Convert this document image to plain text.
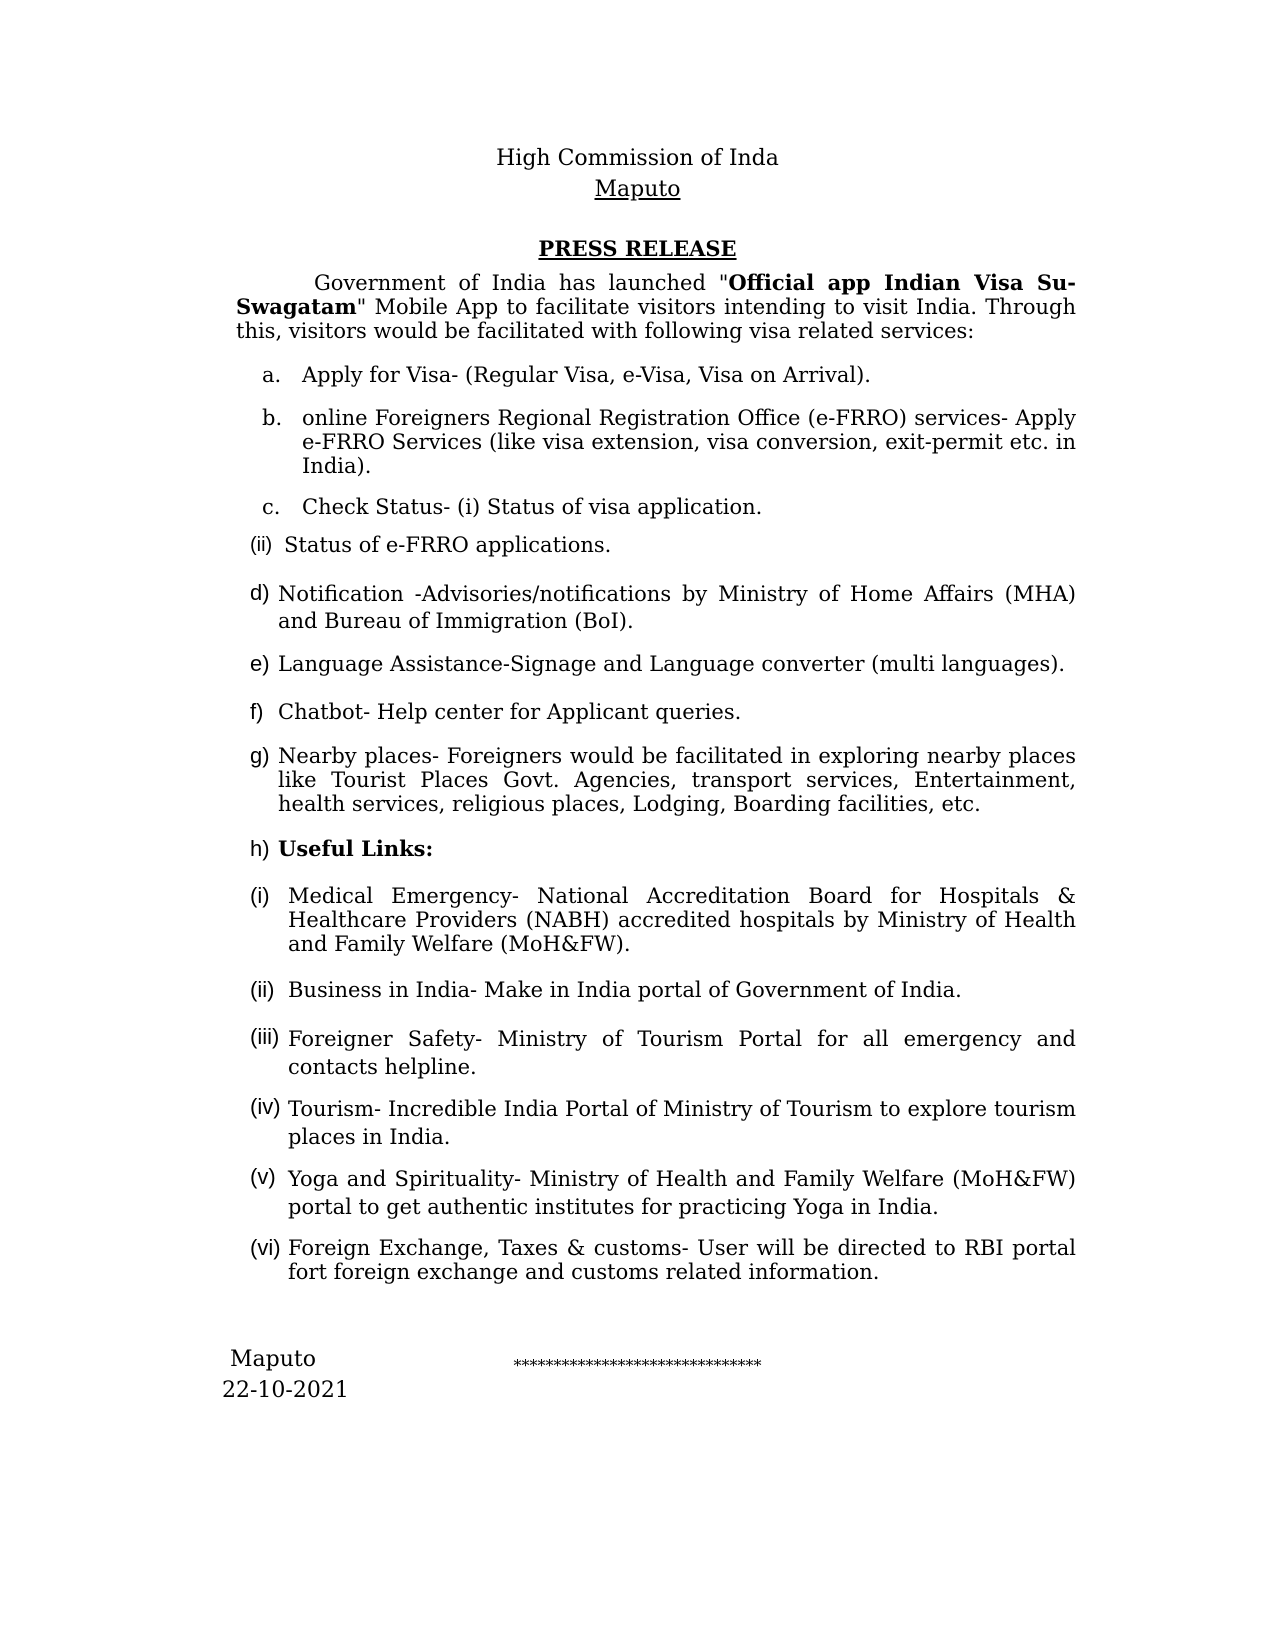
High Commission of Inda
Maputo
PRESS RELEASE
Government of India has launched "Official app Indian Visa Su- Swagatam" Mobile App to facilitate visitors intending to visit India. Through this, visitors would be facilitated with following visa related services:
a. Apply for Visa- (Regular Visa, e-Visa, Visa on Arrival).
b. online Foreigners Regional Registration Office (e-FRRO) services- Apply e-FRRO Services (like visa extension, visa conversion, exit-permit etc. in India).
c. Check Status- (i) Status of visa application.
(ii) Status of e-FRRO applications.
d) Notification -Advisories/notifications by Ministry of Home Affairs (MHA) and Bureau of Immigration (BoI).
e) Language Assistance-Signage and Language converter (multi languages).
f) Chatbot- Help center for Applicant queries.
g) Nearby places- Foreigners would be facilitated in exploring nearby places like Tourist Places Govt. Agencies, transport services, Entertainment, health services, religious places, Lodging, Boarding facilities, etc.
h) Useful Links:
(i) Medical Emergency- National Accreditation Board for Hospitals & Healthcare Providers (NABH) accredited hospitals by Ministry of Health and Family Welfare (MoH&FW).
(ii) Business in India- Make in India portal of Government of India.
(iii) Foreigner Safety- Ministry of Tourism Portal for all emergency and contacts helpline.
(iv) Tourism- Incredible India Portal of Ministry of Tourism to explore tourism places in India.
(v) Yoga and Spirituality- Ministry of Health and Family Welfare (MoH&FW) portal to get authentic institutes for practicing Yoga in India.
(vi) Foreign Exchange, Taxes & customs- User will be directed to RBI portal fort foreign exchange and customs related information.
*******************************
Maputo
22-10-2021
